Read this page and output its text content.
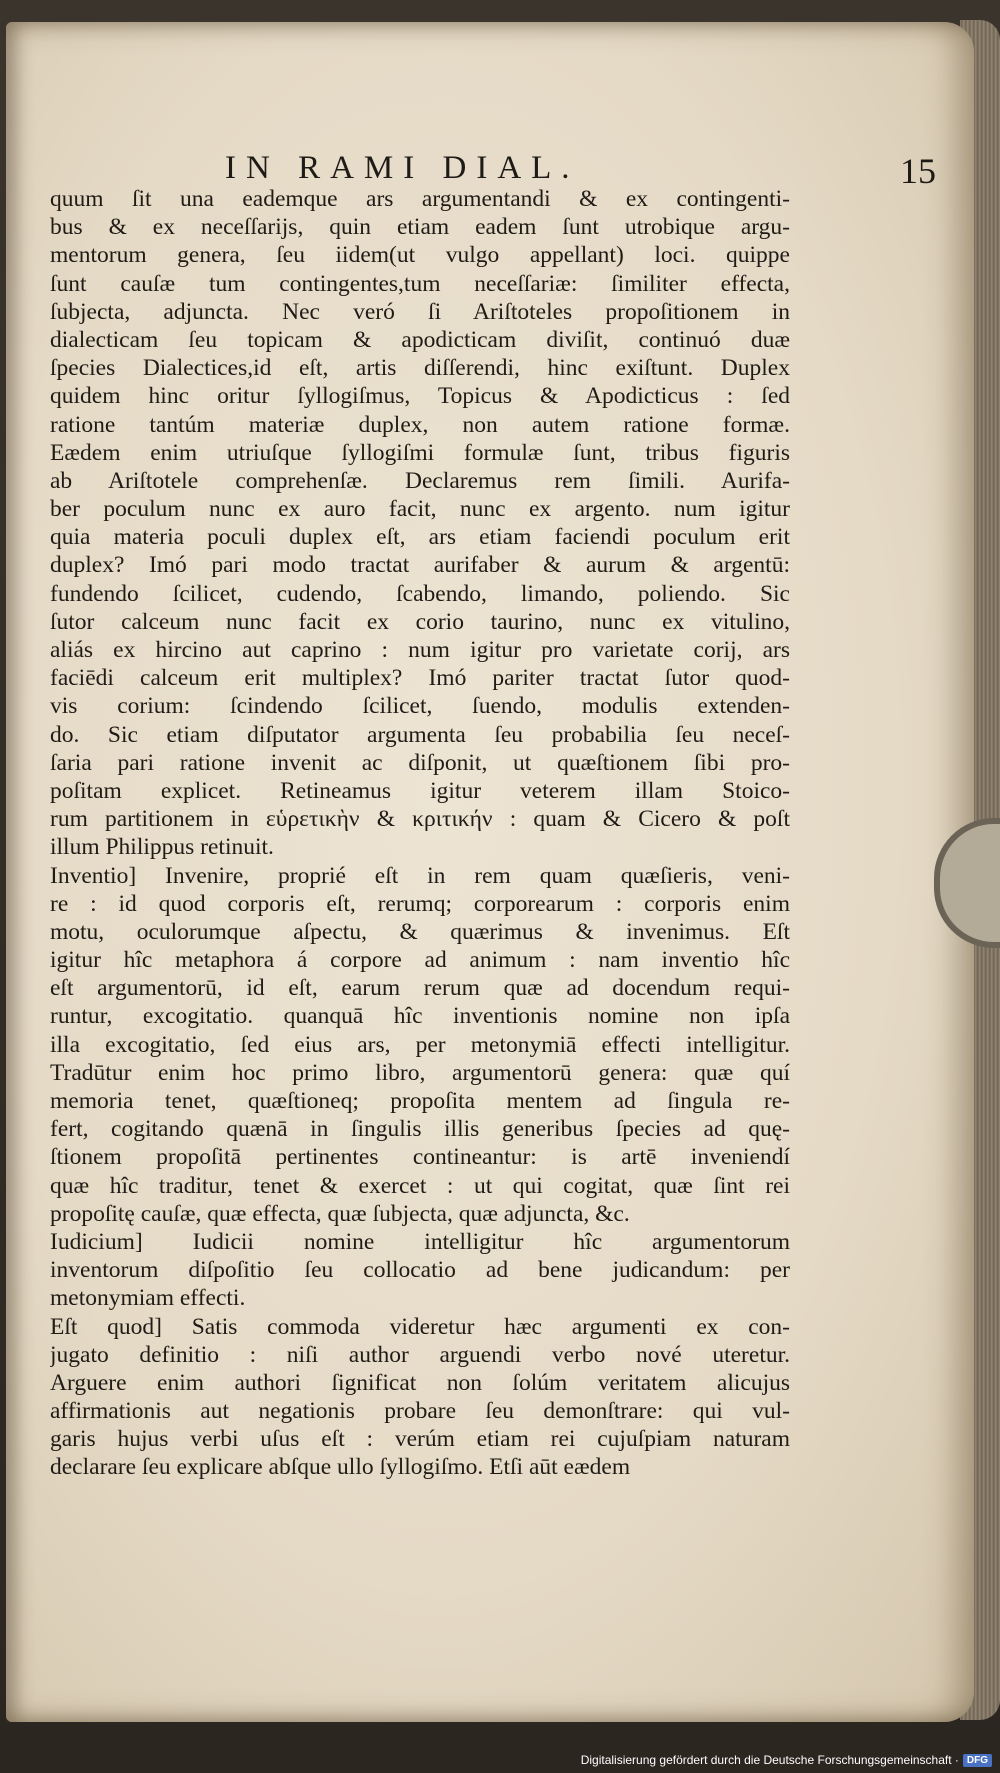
IN RAMI DIAL.	15
quum ſit una eademque ars argumentandi & ex contingenti-
bus & ex neceſſarijs, quin etiam eadem ſunt utrobique argu-
mentorum genera, ſeu iidem(ut vulgo appellant) loci. quippe
ſunt cauſæ tum contingentes,tum neceſſariæ: ſimiliter effecta,
ſubjecta, adjuncta. Nec veró ſi Ariſtoteles propoſitionem in
dialecticam ſeu topicam & apodicticam diviſit, continuó duæ
ſpecies Dialectices,id eſt, artis diſſerendi, hinc exiſtunt. Duplex
quidem hinc oritur ſyllogiſmus, Topicus & Apodicticus : ſed
ratione tantúm materiæ duplex, non autem ratione formæ.
Eædem enim utriuſque ſyllogiſmi formulæ ſunt, tribus figuris
ab Ariſtotele comprehenſæ. Declaremus rem ſimili. Aurifa-
ber poculum nunc ex auro facit, nunc ex argento. num igitur
quia materia poculi duplex eſt, ars etiam faciendi poculum erit
duplex? Imó pari modo tractat aurifaber & aurum & argentū:
fundendo ſcilicet, cudendo, ſcabendo, limando, poliendo. Sic
ſutor calceum nunc facit ex corio taurino, nunc ex vitulino,
aliás ex hircino aut caprino : num igitur pro varietate corij, ars
faciēdi calceum erit multiplex? Imó pariter tractat ſutor quod-
vis corium: ſcindendo ſcilicet, ſuendo, modulis extenden-
do. Sic etiam diſputator argumenta ſeu probabilia ſeu neceſ-
ſaria pari ratione invenit ac diſponit, ut quæſtionem ſibi pro-
poſitam explicet. Retineamus igitur veterem illam Stoico-
rum partitionem in εὑρετικὴν & κριτικήν : quam & Cicero & poſt
illum Philippus retinuit.
Inventio] Invenire, proprié eſt in rem quam quæſieris, veni-
re : id quod corporis eſt, rerumq; corporearum : corporis enim
motu, oculorumque aſpectu, & quærimus & invenimus. Eſt
igitur hîc metaphora á corpore ad animum : nam inventio hîc
eſt argumentorū, id eſt, earum rerum quæ ad docendum requi-
runtur, excogitatio. quanquā hîc inventionis nomine non ipſa
illa excogitatio, ſed eius ars, per metonymiā effecti intelligitur.
Tradūtur enim hoc primo libro, argumentorū genera: quæ quí
memoria tenet, quæſtioneq; propoſita mentem ad ſingula re-
fert, cogitando quænā in ſingulis illis generibus ſpecies ad quę-
ſtionem propoſitā pertinentes contineantur: is artē inveniendí
quæ hîc traditur, tenet & exercet : ut qui cogitat, quæ ſint rei
propoſitę cauſæ, quæ effecta, quæ ſubjecta, quæ adjuncta, &c.
Iudicium] Iudicii nomine intelligitur hîc argumentorum
inventorum diſpoſitio ſeu collocatio ad bene judicandum: per
metonymiam effecti.
Eſt quod] Satis commoda videretur hæc argumenti ex con-
jugato definitio : niſi author arguendi verbo nové uteretur.
Arguere enim authori ſignificat non ſolúm veritatem alicujus
affirmationis aut negationis probare ſeu demonſtrare: qui vul-
garis hujus verbi uſus eſt : verúm etiam rei cujuſpiam naturam
declarare ſeu explicare abſque ullo ſyllogiſmo. Etſi aūt eædem
Digitalisierung gefördert durch die Deutsche Forschungsgemeinschaft · DFG
